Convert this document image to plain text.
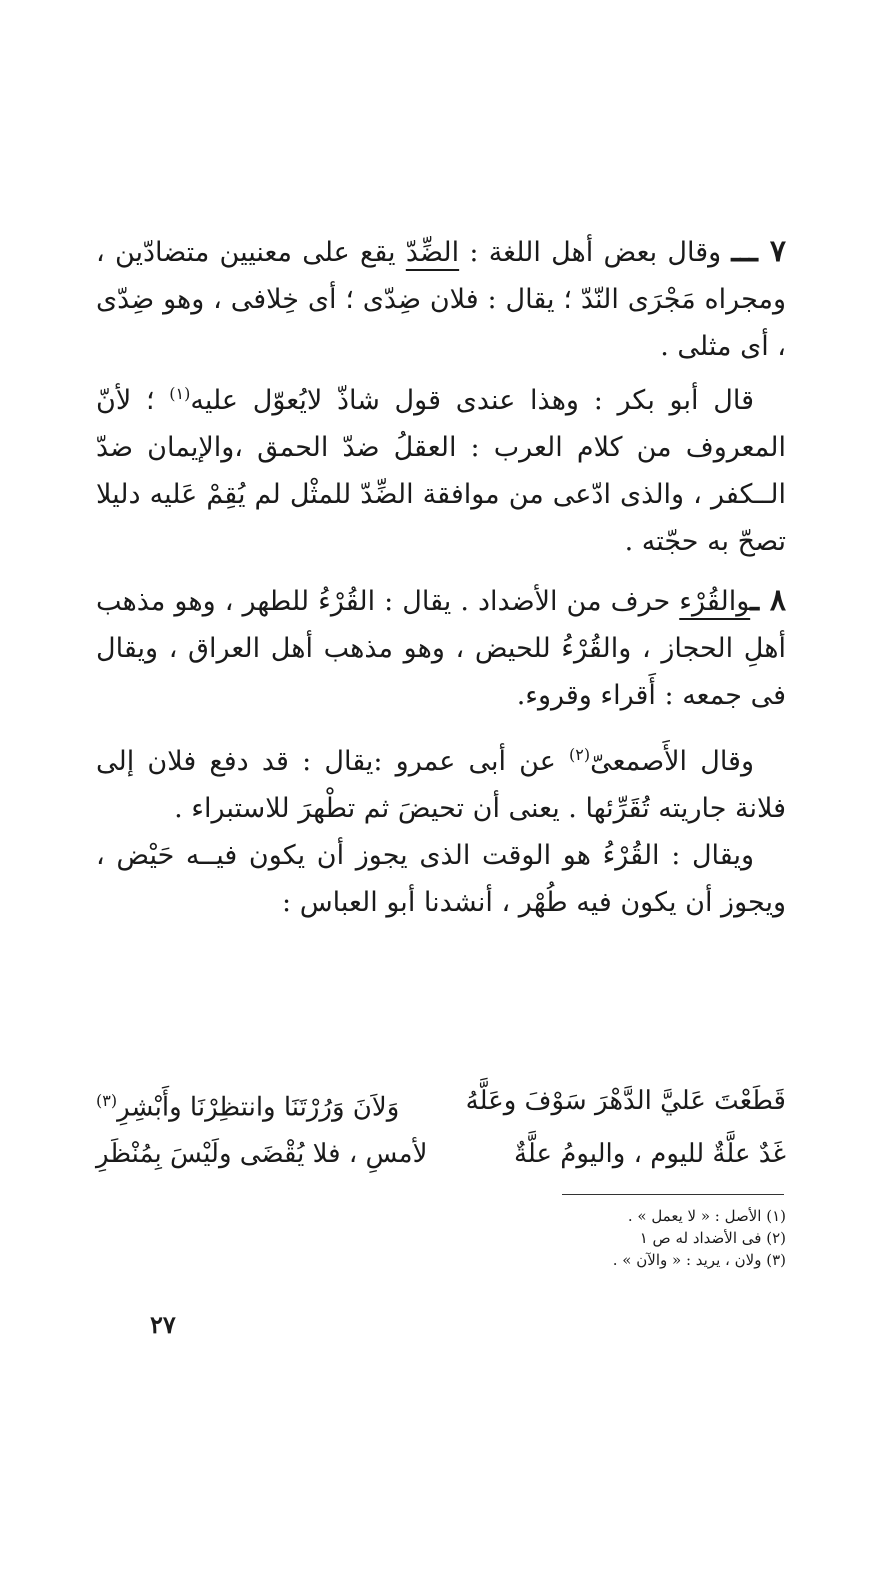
٧ ـــ وقال بعض أهل اللغة : الضِّدّ يقع على معنيين متضادّين ، ومجراه مَجْرَى النّدّ ؛ يقال : فلان ضِدّى ؛ أى خِلافى ، وهو ضِدّى ، أى مثلى .

قال أبو بكر : وهذا عندى قول شاذّ لايُعوّل عليه$^{(١)}$ ؛ لأنّ المعروف من كلام العرب : العقلُ ضدّ الحمق ،والإيمان ضدّ الــكفر ، والذى ادّعى من موافقة الضِّدّ للمثْل لم يُقِمْ عَليه دليلا تصحّ به حجّته .

٨ ـوالقُرْء حرف من الأضداد . يقال : القُرْءُ للطهر ، وهو مذهب أهلِ الحجاز ، والقُرْءُ للحيض ، وهو مذهب أهل العراق ، ويقال فى جمعه : أَقراء وقروء.

وقال الأَصمعىّ$^{(٢)}$ عن أبى عمرو :يقال : قد دفع فلان إلى فلانة جاريته تُقَرِّئها . يعنى أن تحيضَ ثم تطْهرَ للاستبراء .

ويقال : القُرْءُ هو الوقت الذى يجوز أن يكون فيــه حَيْض ، ويجوز أن يكون فيه طُهْر ، أنشدنا أبو العباس :

قَطَعْتَ عَليَّ الدَّهْرَ سَوْفَ وعَلَّهُ
وَلاَنَ وَرُرْتَنَا وانتظِرْنَا وأَبْشِرِ$^{(٣)}$
غَدٌ علَّةٌ لليوم ، واليومُ علَّةٌ
لأمسِ ، فلا يُقْضَى ولَيْسَ بِمُنْظَرِ
(١) الأصل : « لا يعمل » .
(٢) فى الأضداد له ص ١
(٣) ولان ، يريد : « والآن » .
٢٧
